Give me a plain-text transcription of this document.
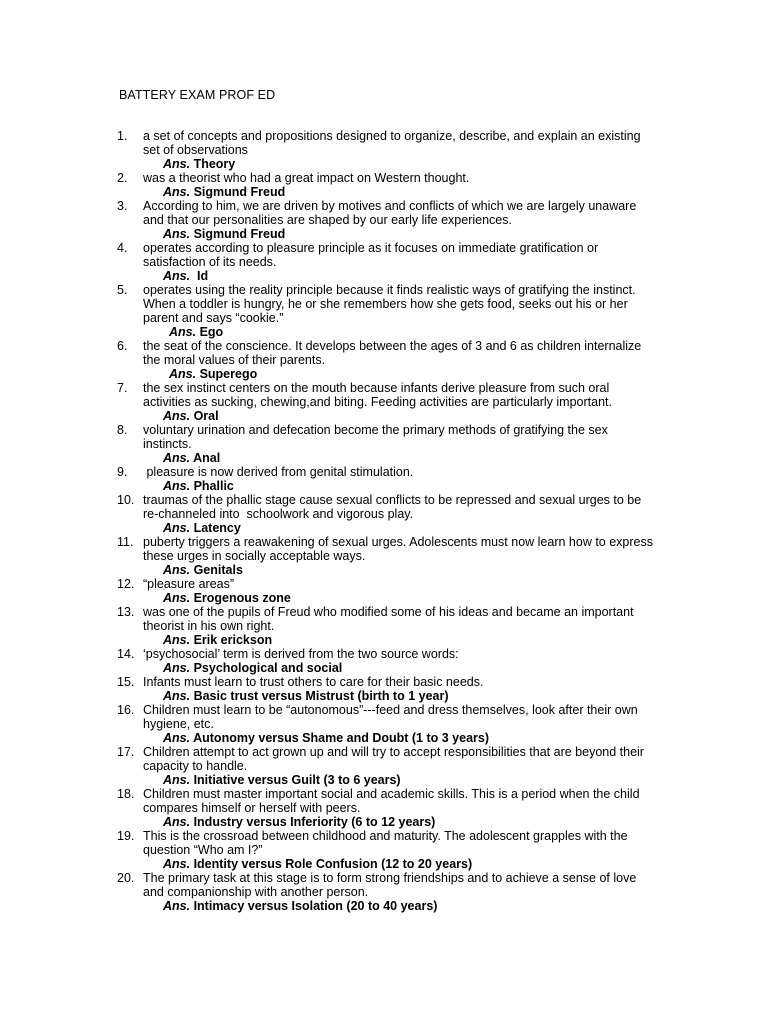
BATTERY EXAM PROF ED
1.	a set of concepts and propositions designed to organize, describe, and explain an existing set of observations
Ans. Theory
2.	was a theorist who had a great impact on Western thought.
Ans. Sigmund Freud
3.	According to him, we are driven by motives and conflicts of which we are largely unaware and that our personalities are shaped by our early life experiences.
Ans. Sigmund Freud
4.	operates according to pleasure principle as it focuses on immediate gratification or satisfaction of its needs.
Ans.  Id
5.	operates using the reality principle because it finds realistic ways of gratifying the instinct. When a toddler is hungry, he or she remembers how she gets food, seeks out his or her parent and says “cookie.”
Ans. Ego
6.	the seat of the conscience. It develops between the ages of 3 and 6 as children internalize the moral values of their parents.
Ans. Superego
7.	the sex instinct centers on the mouth because infants derive pleasure from such oral activities as sucking, chewing,and biting. Feeding activities are particularly important.
Ans. Oral
8.	voluntary urination and defecation become the primary methods of gratifying the sex instincts.
Ans. Anal
9.	pleasure is now derived from genital stimulation.
Ans. Phallic
10. traumas of the phallic stage cause sexual conflicts to be repressed and sexual urges to be re-channeled into  schoolwork and vigorous play.
Ans. Latency
11. puberty triggers a reawakening of sexual urges. Adolescents must now learn how to express these urges in socially acceptable ways.
Ans. Genitals
12. “pleasure areas”
Ans. Erogenous zone
13. was one of the pupils of Freud who modified some of his ideas and became an important theorist in his own right.
Ans. Erik erickson
14. ‘psychosocial’ term is derived from the two source words:
Ans. Psychological and social
15. Infants must learn to trust others to care for their basic needs.
Ans. Basic trust versus Mistrust (birth to 1 year)
16. Children must learn to be “autonomous”---feed and dress themselves, look after their own hygiene, etc.
Ans. Autonomy versus Shame and Doubt (1 to 3 years)
17. Children attempt to act grown up and will try to accept responsibilities that are beyond their capacity to handle.
Ans. Initiative versus Guilt (3 to 6 years)
18. Children must master important social and academic skills. This is a period when the child compares himself or herself with peers.
Ans. Industry versus Inferiority (6 to 12 years)
19. This is the crossroad between childhood and maturity. The adolescent grapples with the question “Who am I?”
Ans. Identity versus Role Confusion (12 to 20 years)
20. The primary task at this stage is to form strong friendships and to achieve a sense of love and companionship with another person.
Ans. Intimacy versus Isolation (20 to 40 years)
